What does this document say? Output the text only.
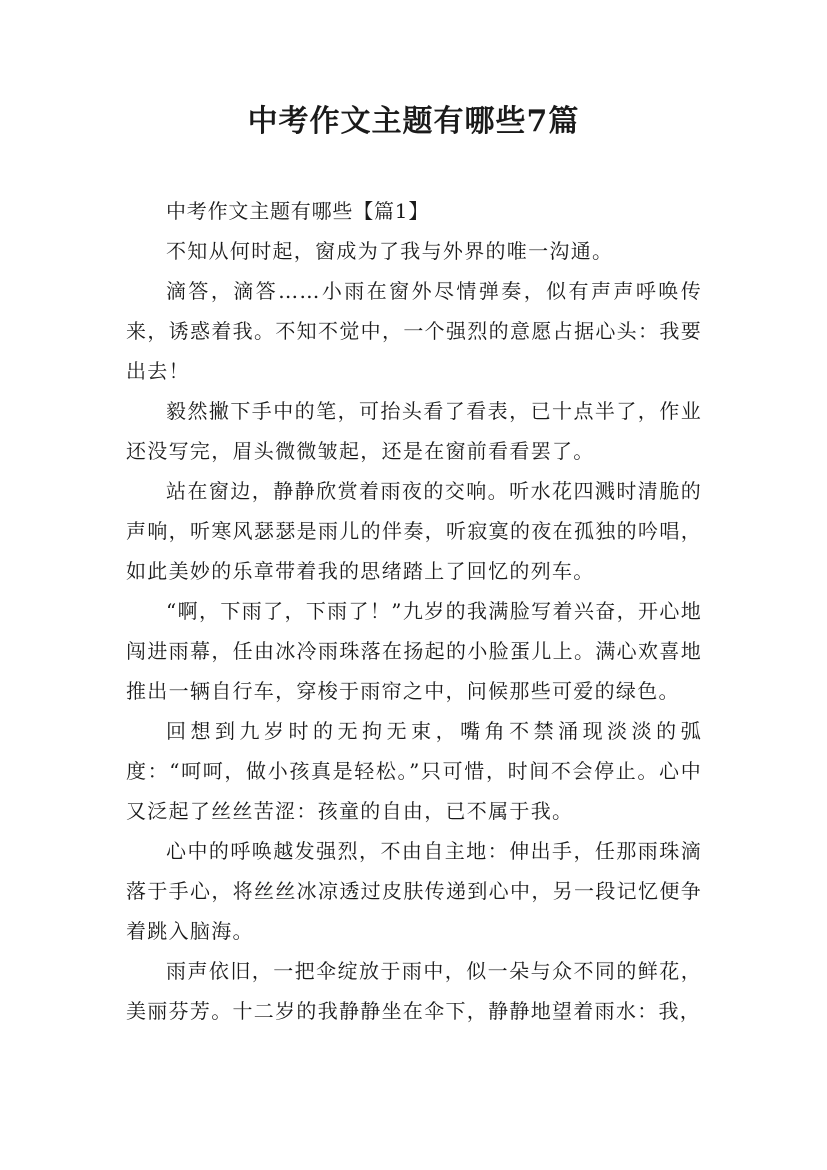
中考作文主题有哪些7篇

中考作文主题有哪些【篇1】

不知从何时起，窗成为了我与外界的唯一沟通。

滴答，滴答……小雨在窗外尽情弹奏，似有声声呼唤传来，诱惑着我。不知不觉中，一个强烈的意愿占据心头：我要出去！

毅然撇下手中的笔，可抬头看了看表，已十点半了，作业还没写完，眉头微微皱起，还是在窗前看看罢了。

站在窗边，静静欣赏着雨夜的交响。听水花四溅时清脆的声响，听寒风瑟瑟是雨儿的伴奏，听寂寞的夜在孤独的吟唱，如此美妙的乐章带着我的思绪踏上了回忆的列车。

“啊，下雨了，下雨了！”九岁的我满脸写着兴奋，开心地闯进雨幕，任由冰冷雨珠落在扬起的小脸蛋儿上。满心欢喜地推出一辆自行车，穿梭于雨帘之中，问候那些可爱的绿色。

回想到九岁时的无拘无束，嘴角不禁涌现淡淡的弧度：“呵呵，做小孩真是轻松。”只可惜，时间不会停止。心中又泛起了丝丝苦涩：孩童的自由，已不属于我。

心中的呼唤越发强烈，不由自主地：伸出手，任那雨珠滴落于手心，将丝丝冰凉透过皮肤传递到心中，另一段记忆便争着跳入脑海。

雨声依旧，一把伞绽放于雨中，似一朵与众不同的鲜花，美丽芬芳。十二岁的我静静坐在伞下，静静地望着雨水：我，
